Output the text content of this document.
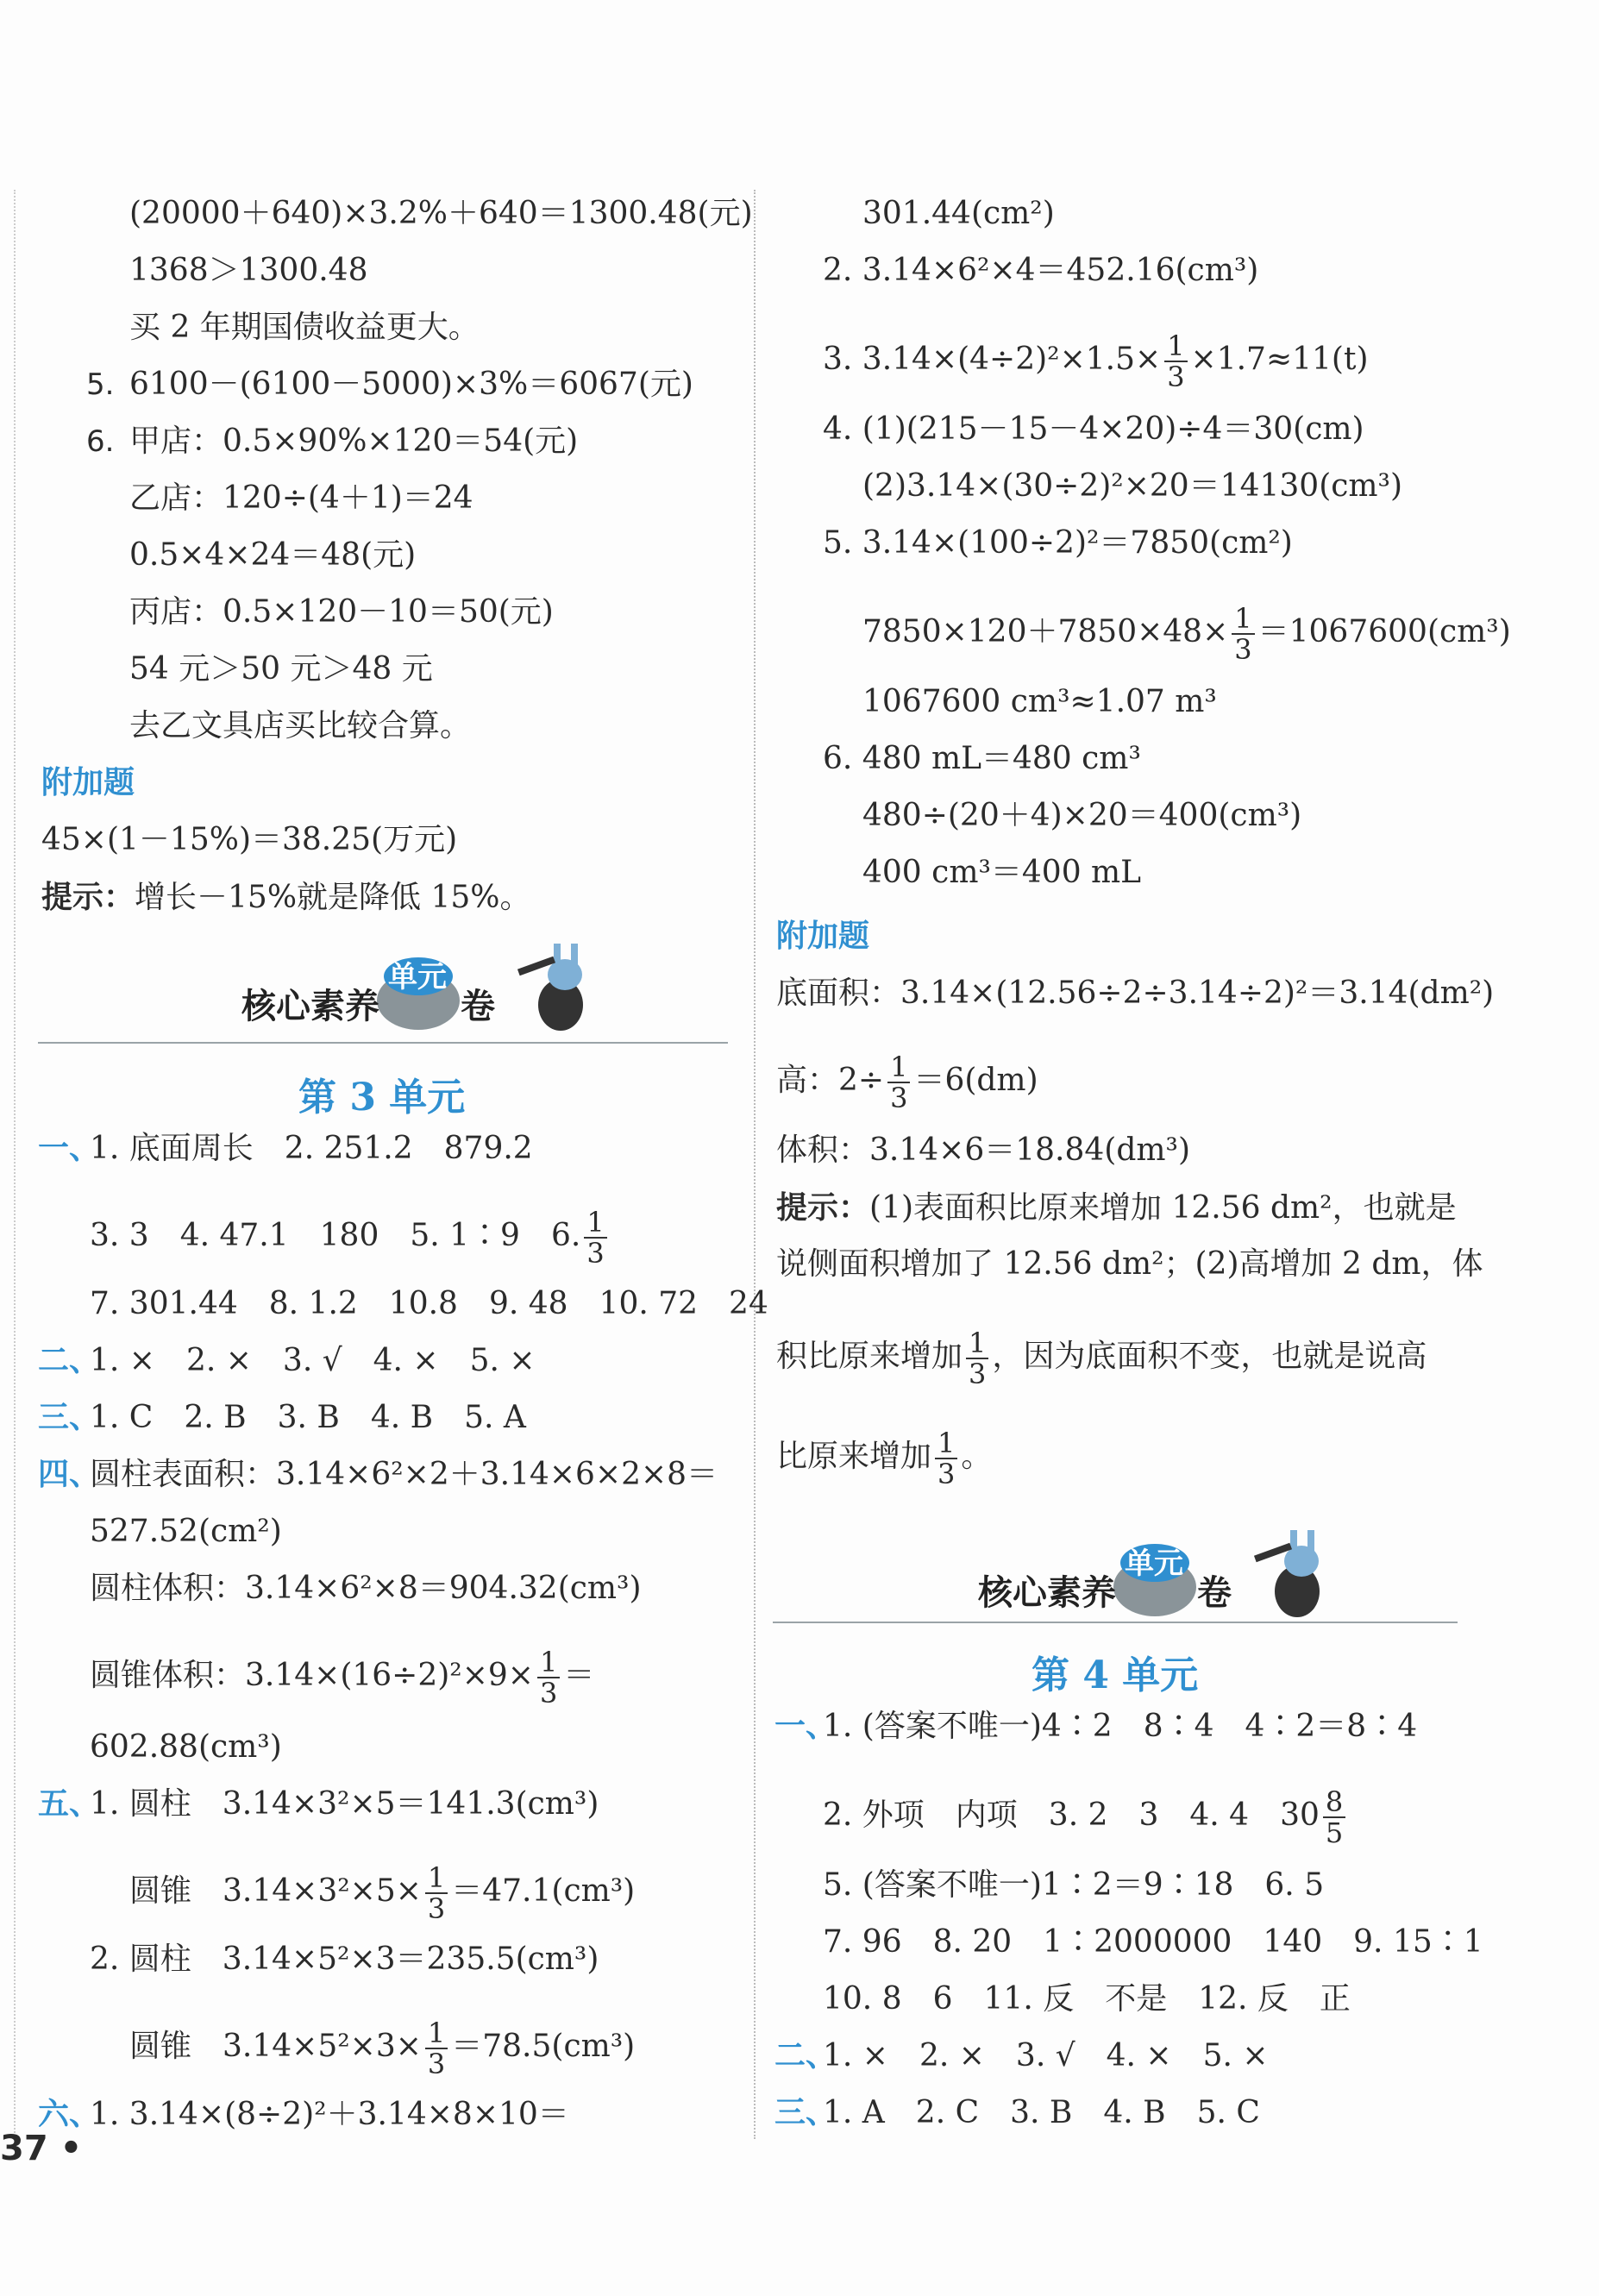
(20000＋640)×3.2%＋640＝1300.48(元)
1368＞1300.48
买 2 年期国债收益更大。
5. 6100－(6100－5000)×3%＝6067(元)
6. 甲店：0.5×90%×120＝54(元)
乙店：120÷(4＋1)＝24
0.5×4×24＝48(元)
丙店：0.5×120－10＝50(元)
54 元＞50 元＞48 元
去乙文具店买比较合算。
附加题
45×(1－15%)＝38.25(万元)
提示：增长－15%就是降低 15%。
核心素养
单元
卷
第 3 单元
一、
1. 底面周长　2. 251.2　879.2
3. 3　4. 47.1　180　5. 1∶9　6. $\frac{1}{3}$
7. 301.44　8. 1.2　10.8　9. 48　10. 72　24
二、
1. ×　2. ×　3. √　4. ×　5. ×
三、
1. C　2. B　3. B　4. B　5. A
四、
圆柱表面积：3.14×6²×2＋3.14×6×2×8＝
527.52(cm²)
圆柱体积：3.14×6²×8＝904.32(cm³)
圆锥体积：$3.14\times(16\div 2)^2\times 9\times \frac{1}{3}$ ＝
602.88(cm³)
五、
1. 圆柱　3.14×3²×5＝141.3(cm³)
圆锥　$3.14\times 3^2\times 5\times \frac{1}{3} =47.1(cm^3)$
2. 圆柱　3.14×5²×3＝235.5(cm³)
圆锥　$3.14\times 5^2\times 3\times \frac{1}{3} =78.5(cm^3)$
六、
1. 3.14×(8÷2)²＋3.14×8×10＝
37 •
301.44(cm²)
2. 3.14×6²×4＝452.16(cm³)
3. $3.14\times(4\div 2)^2\times 1.5\times \frac{1}{3} \times 1.7\approx 11(t)$
4. (1)(215－15－4×20)÷4＝30(cm)
(2)3.14×(30÷2)²×20＝14130(cm³)
5. 3.14×(100÷2)²＝7850(cm²)
$7850\times 120+7850\times 48\times \frac{1}{3} =1067600(cm^3)$
1067600 cm³≈1.07 m³
6. 480 mL＝480 cm³
480÷(20＋4)×20＝400(cm³)
400 cm³＝400 mL
附加题
底面积：3.14×(12.56÷2÷3.14÷2)²＝3.14(dm²)
高：$2\div \frac{1}{3} =6(dm)$
体积：3.14×6＝18.84(dm³)
提示：(1)表面积比原来增加 12.56 dm²，也就是
说侧面积增加了 12.56 dm²；(2)高增加 2 dm，体
积比原来增加 $\frac{1}{3}$ ，因为底面积不变，也就是说高
比原来增加 $\frac{1}{3}$ 。
核心素养
单元
卷
第 4 单元
一、
1. (答案不唯一)4∶2　8∶4　4∶2＝8∶4
2. 外项　内项　3. 2　3　4. 4　$30 \frac{8}{5}$
5. (答案不唯一)1∶2＝9∶18　6. 5
7. 96　8. 20　1∶2000000　140　9. 15∶1
10. 8　6　11. 反　不是　12. 反　正
二、
1. ×　2. ×　3. √　4. ×　5. ×
三、
1. A　2. C　3. B　4. B　5. C
